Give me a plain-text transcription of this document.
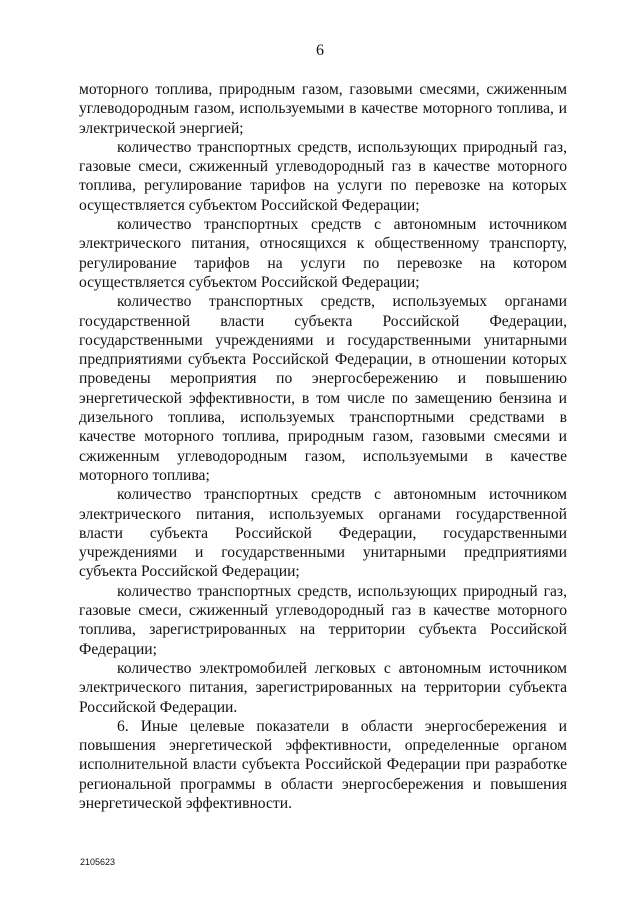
6

моторного топлива, природным газом, газовыми смесями, сжиженным углеводородным газом, используемыми в качестве моторного топлива, и электрической энергией;

количество транспортных средств, использующих природный газ, газовые смеси, сжиженный углеводородный газ в качестве моторного топлива, регулирование тарифов на услуги по перевозке на которых осуществляется субъектом Российской Федерации;

количество транспортных средств с автономным источником электрического питания, относящихся к общественному транспорту, регулирование тарифов на услуги по перевозке на котором осуществляется субъектом Российской Федерации;

количество транспортных средств, используемых органами государственной власти субъекта Российской Федерации, государственными учреждениями и государственными унитарными предприятиями субъекта Российской Федерации, в отношении которых проведены мероприятия по энергосбережению и повышению энергетической эффективности, в том числе по замещению бензина и дизельного топлива, используемых транспортными средствами в качестве моторного топлива, природным газом, газовыми смесями и сжиженным углеводородным газом, используемыми в качестве моторного топлива;

количество транспортных средств с автономным источником электрического питания, используемых органами государственной власти субъекта Российской Федерации, государственными учреждениями и государственными унитарными предприятиями субъекта Российской Федерации;

количество транспортных средств, использующих природный газ, газовые смеси, сжиженный углеводородный газ в качестве моторного топлива, зарегистрированных на территории субъекта Российской Федерации;

количество электромобилей легковых с автономным источником электрического питания, зарегистрированных на территории субъекта Российской Федерации.

6. Иные целевые показатели в области энергосбережения и повышения энергетической эффективности, определенные органом исполнительной власти субъекта Российской Федерации при разработке региональной программы в области энергосбережения и повышения энергетической эффективности.

2105623
